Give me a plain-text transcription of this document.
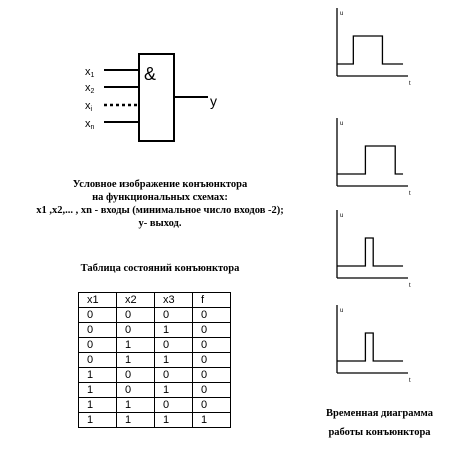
&
x1
x2
xi
xn
y
u
t
u
t
u
t
u
t
Условное изображение конъюнктора
на функциональных схемах:
x1 ,x2,... , xn - входы (минимальное число входов -2);
у- выход.
Таблица состояний конъюнктора
x1	x2	x3	f
0	0	0	0
0	0	1	0
0	1	0	0
0	1	1	0
1	0	0	0
1	0	1	0
1	1	0	0
1	1	1	1
Временная диаграмма
работы конъюнктора
